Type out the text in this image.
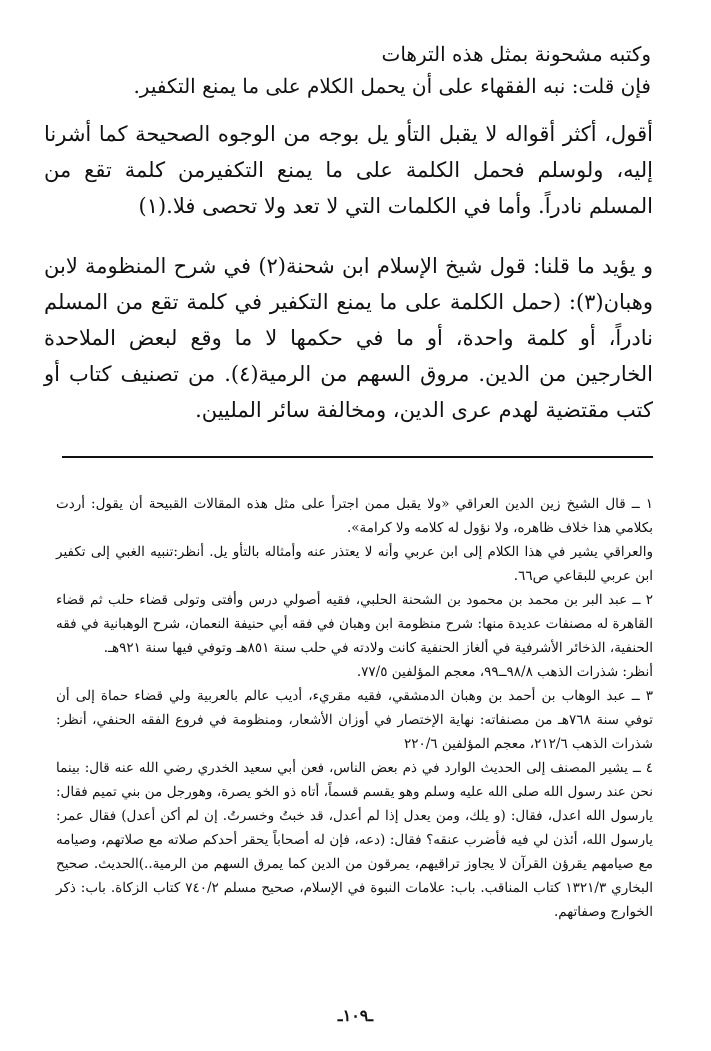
وكتبه مشحونة بمثل هذه الترهات

فإن قلت: نبه الفقهاء على أن يحمل الكلام على ما يمنع التكفير.

أقول، أكثر أقواله لا يقبل التأو يل بوجه من الوجوه الصحيحة كما أشرنا إليه، ولوسلم فحمل الكلمة على ما يمنع التكفيرمن كلمة تقع من المسلم نادراً. وأما في الكلمات التي لا تعد ولا تحصى فلا.(١)

و يؤيد ما قلنا: قول شيخ الإسلام ابن شحنة(٢) في شرح المنظومة لابن وهبان(٣): (حمل الكلمة على ما يمنع التكفير في كلمة تقع من المسلم نادراً، أو كلمة واحدة، أو ما في حكمها لا ما وقع لبعض الملاحدة الخارجين من الدين. مروق السهم من الرمية(٤). من تصنيف كتاب أو كتب مقتضية لهدم عرى الدين، ومخالفة سائر المليين.

١ ــ قال الشيخ زين الدين العراقي «ولا يقبل ممن اجترأ على مثل هذه المقالات القبيحة أن يقول: أردت بكلامي هذا خلاف ظاهره، ولا نؤول له كلامه ولا كرامة».

والعراقي يشير في هذا الكلام إلى ابن عربي وأنه لا يعتذر عنه وأمثاله بالتأو يل. أنظر:تنبيه الغبي إلى تكفير ابن عربي للبقاعي ص٦٦.

٢ ــ عبد البر بن محمد بن محمود بن الشحنة الحلبي، فقيه أصولي درس وأفتى وتولى قضاء حلب ثم قضاء القاهرة له مصنفات عديدة منها: شرح منظومة ابن وهبان في فقه أبي حنيفة النعمان، شرح الوهبانية في فقه الحنفية، الذخائر الأشرفية في ألغاز الحنفية كانت ولادته في حلب سنة ٨٥١هـ وتوفي فيها سنة ٩٢١هـ.

أنظر: شذرات الذهب ٩٨/٨ــ٩٩، معجم المؤلفين ٧٧/٥.

٣ ــ عبد الوهاب بن أحمد بن وهبان الدمشقي، فقيه مقريء، أديب عالم بالعربية ولي قضاء حماة إلى أن توفي سنة ٧٦٨هـ من مصنفاته: نهاية الإختصار في أوزان الأشعار، ومنظومة في فروع الفقه الحنفي، أنظر: شذرات الذهب ٢١٢/٦، معجم المؤلفين ٢٢٠/٦

٤ ــ يشير المصنف إلى الحديث الوارد في ذم بعض الناس، فعن أبي سعيد الخدري رضي الله عنه قال: بينما نحن عند رسول الله صلى الله عليه وسلم وهو يقسم قسماً، أتاه ذو الخو يصرة، وهورجل من بني تميم فقال: يارسول الله اعدل، فقال: (و يلك، ومن يعدل إذا لم أعدل، قد خبتُ وخسرتُ. إن لم أكن أعدل) فقال عمر: يارسول الله، أئذن لي فيه فأضرب عنقه؟ فقال: (دعه، فإن له أصحاباً يحقر أحدكم صلاته مع صلاتهم، وصيامه مع صيامهم يقرؤن القرآن لا يجاوز تراقيهم، يمرقون من الدين كما يمرق السهم من الرمية..)الحديث. صحيح البخاري ١٣٢١/٣ كتاب المناقب. باب: علامات النبوة في الإسلام، صحيح مسلم ٧٤٠/٢ كتاب الزكاة. باب: ذكر الخوارج وصفاتهم.

ـ١٠٩ـ
